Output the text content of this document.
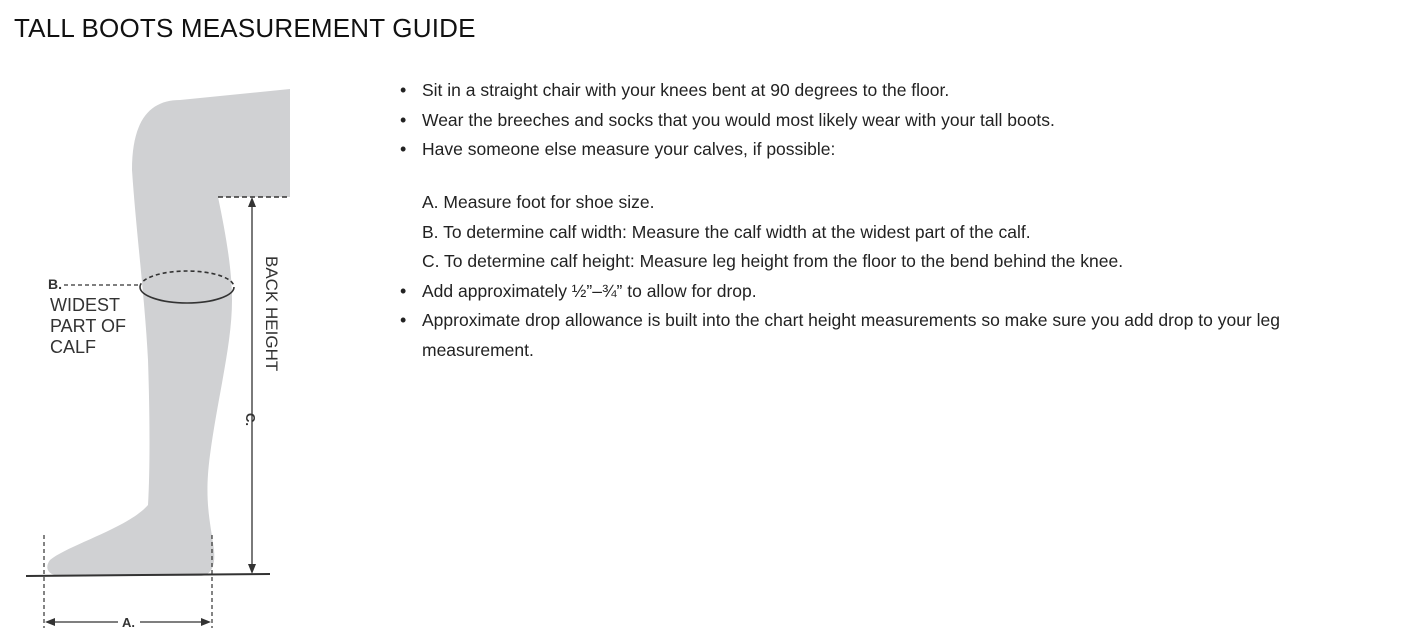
TALL BOOTS MEASUREMENT GUIDE
B.
WIDEST
PART OF
CALF	BACK HEIGHT
C.
A.
• Sit in a straight chair with your knees bent at 90 degrees to the floor.
• Wear the breeches and socks that you would most likely wear with your tall boots.
• Have someone else measure your calves, if possible:
A. Measure foot for shoe size.
B. To determine calf width: Measure the calf width at the widest part of the calf.
C. To determine calf height: Measure leg height from the floor to the bend behind the knee.
• Add approximately ½”–¾” to allow for drop.
• Approximate drop allowance is built into the chart height measurements so make sure you add drop to your leg measurement.
